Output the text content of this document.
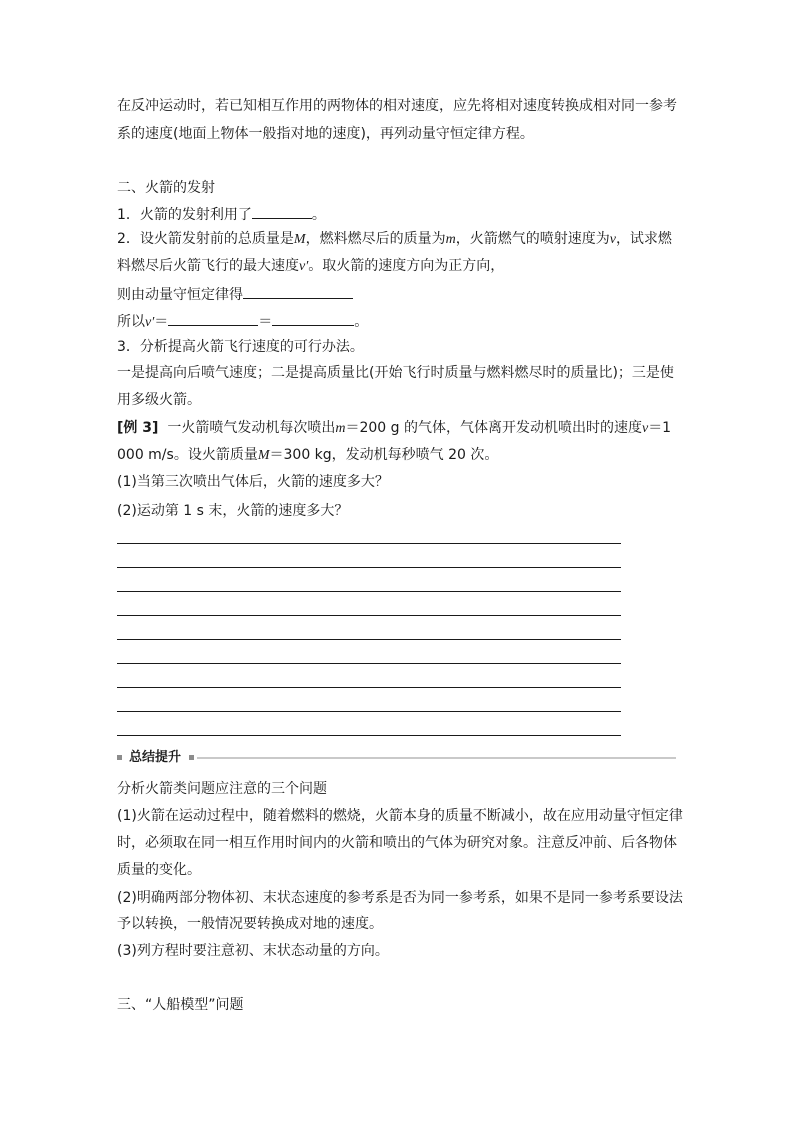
在反冲运动时，若已知相互作用的两物体的相对速度，应先将相对速度转换成相对同一参考
系的速度(地面上物体一般指对地的速度)，再列动量守恒定律方程。
二、火箭的发射
1．火箭的发射利用了	。
2．设火箭发射前的总质量是M，燃料燃尽后的质量为m，火箭燃气的喷射速度为v，试求燃
料燃尽后火箭飞行的最大速度v′。取火箭的速度方向为正方向，
则由动量守恒定律得
所以v′＝	＝	。
3．分析提高火箭飞行速度的可行办法。
一是提高向后喷气速度；二是提高质量比(开始飞行时质量与燃料燃尽时的质量比)；三是使
用多级火箭。
[例 3] 一火箭喷气发动机每次喷出m＝200 g 的气体，气体离开发动机喷出时的速度v＝1
000 m/s。设火箭质量M＝300 kg，发动机每秒喷气 20 次。
(1)当第三次喷出气体后，火箭的速度多大？
(2)运动第 1 s 末，火箭的速度多大？
总结提升
分析火箭类问题应注意的三个问题
(1)火箭在运动过程中，随着燃料的燃烧，火箭本身的质量不断减小，故在应用动量守恒定律
时，必须取在同一相互作用时间内的火箭和喷出的气体为研究对象。注意反冲前、后各物体
质量的变化。
(2)明确两部分物体初、末状态速度的参考系是否为同一参考系，如果不是同一参考系要设法
予以转换，一般情况要转换成对地的速度。
(3)列方程时要注意初、末状态动量的方向。
三、“人船模型”问题
